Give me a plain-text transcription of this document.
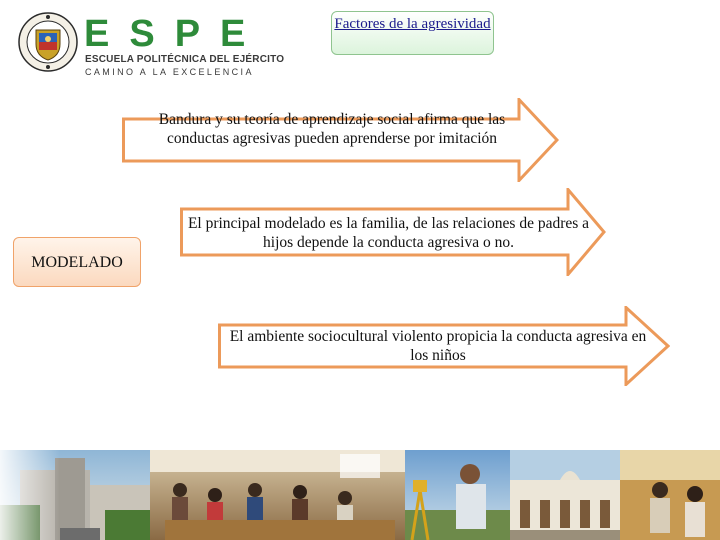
ESPE
ESCUELA POLITÉCNICA DEL EJÉRCITO
CAMINO A LA EXCELENCIA
Factores de la agresividad
Bandura y su teoría de aprendizaje social afirma que las conductas agresivas pueden aprenderse por imitación
MODELADO
El principal modelado es la familia, de las relaciones de padres a hijos depende la conducta agresiva o no.
El ambiente sociocultural violento propicia la conducta agresiva en los niños
